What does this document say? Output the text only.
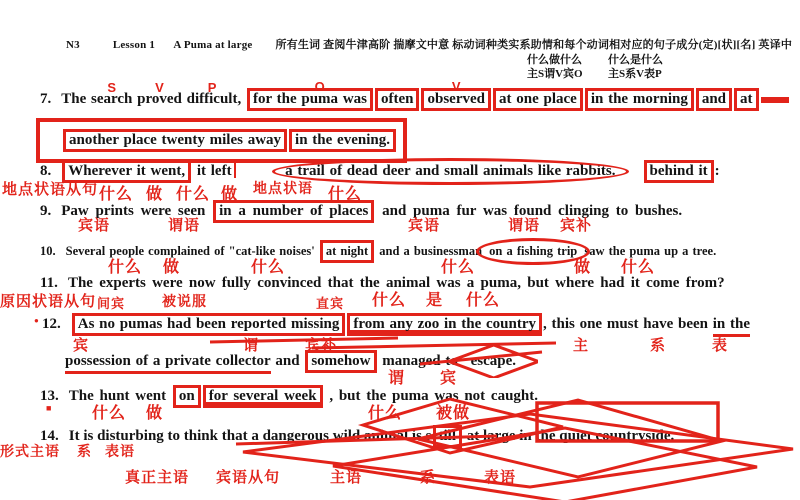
N3	Lesson 1 A Puma at large 所有生词 查阅牛津高阶 揣摩文中意 标动词种类实系助情和每个动词相对应的句子成分(定)[状][名] 英译中
什么做什么
主S谓V宾O
什么是什么
主S系V表P
7. The search
S
proved
V
difficult
P
, for the puma
O
was often observed
V
at one place in the morning and at
another place twenty miles away in the evening.
8. Wherever it went, it left	a trail of dead deer and small animals like rabbits. behind it :
9. Paw prints were seen in a number of places and puma fur was found clinging to bushes.
10. Several people complained of "cat-like noises' at night and a businessman on a fishing trip saw the puma up a tree.
11. The experts were now fully convinced that the animal was a puma, but where had it come from?
12. As no pumas had been reported missing from any zoo in the country , this one must have been in the
possession of a private collector and somehow managed to escape.
13. The hunt went on for several week , but the puma was not caught.
14. It is disturbing to think that a dangerous wild animal is s till at large in the quiet countryside.
地点状语从句 什么 做 什么 做 地点状语 什么
宾语	谓语	宾语	谓语 宾补
什么 做	什么	什么	做 什么
原因状语从句 间宾	被说服	直宾 什么 是 什么
●
宾	谓	宾补	主	系	表
谓 宾
■ 什么 做	什么 被做
形式主语 系 表语
真正主语 宾语从句	主语	系	表语
